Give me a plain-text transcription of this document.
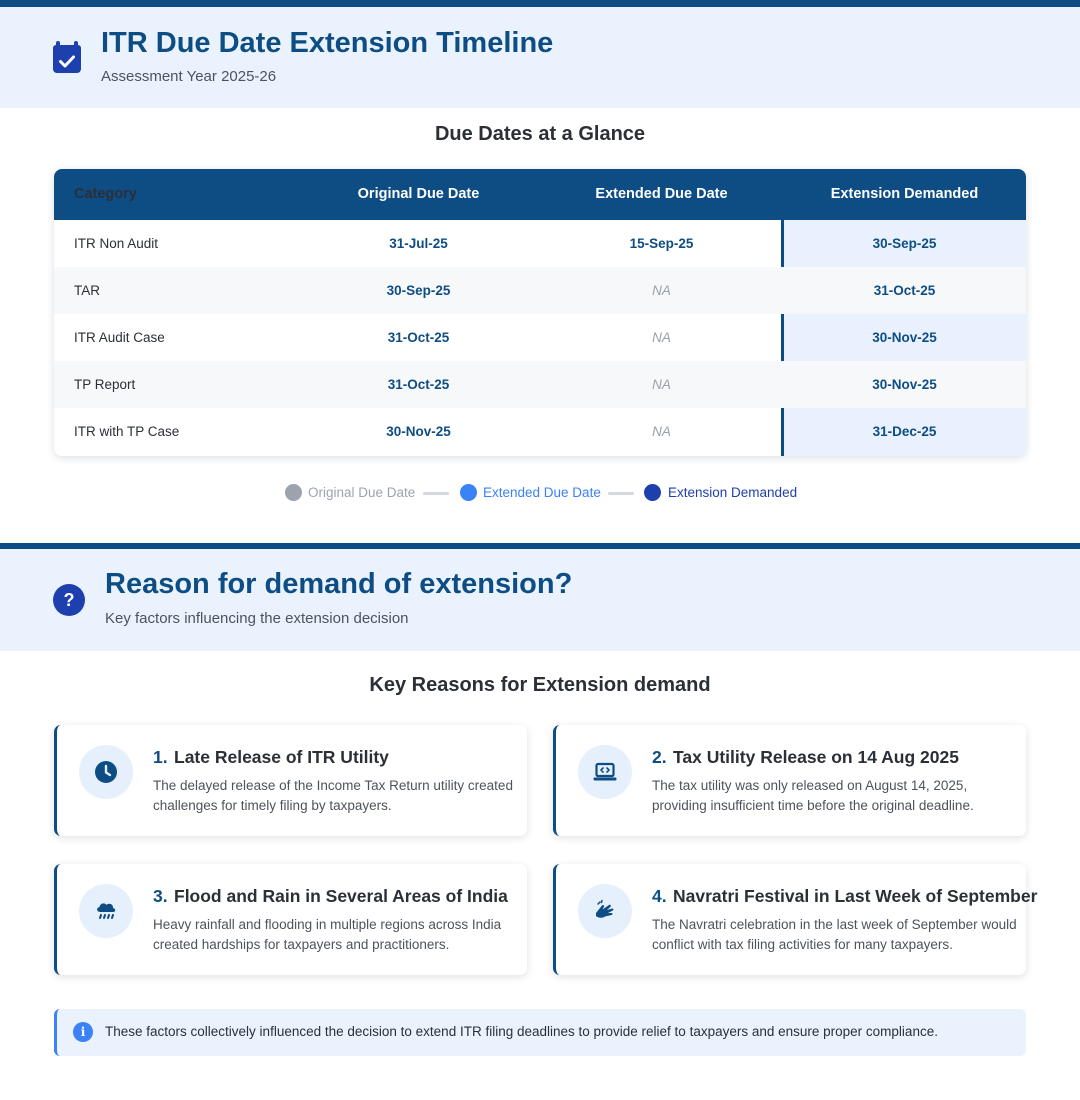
ITR Due Date Extension Timeline
Assessment Year 2025-26
Due Dates at a Glance
Category	Original Due Date	Extended Due Date	Extension Demanded
ITR Non Audit	31-Jul-25	15-Sep-25	30-Sep-25
TAR	30-Sep-25	NA	31-Oct-25
ITR Audit Case	31-Oct-25	NA	30-Nov-25
TP Report	31-Oct-25	NA	30-Nov-25
ITR with TP Case	30-Nov-25	NA	31-Dec-25
Original Due Date	Extended Due Date	Extension Demanded
?	Reason for demand of extension?
Key factors influencing the extension decision
Key Reasons for Extension demand
1. Late Release of ITR Utility
The delayed release of the Income Tax Return utility created challenges for timely filing by taxpayers.
2. Tax Utility Release on 14 Aug 2025
The tax utility was only released on August 14, 2025, providing insufficient time before the original deadline.
3. Flood and Rain in Several Areas of India
Heavy rainfall and flooding in multiple regions across India created hardships for taxpayers and practitioners.
4. Navratri Festival in Last Week of September
The Navratri celebration in the last week of September would conflict with tax filing activities for many taxpayers.
i	These factors collectively influenced the decision to extend ITR filing deadlines to provide relief to taxpayers and ensure proper compliance.
